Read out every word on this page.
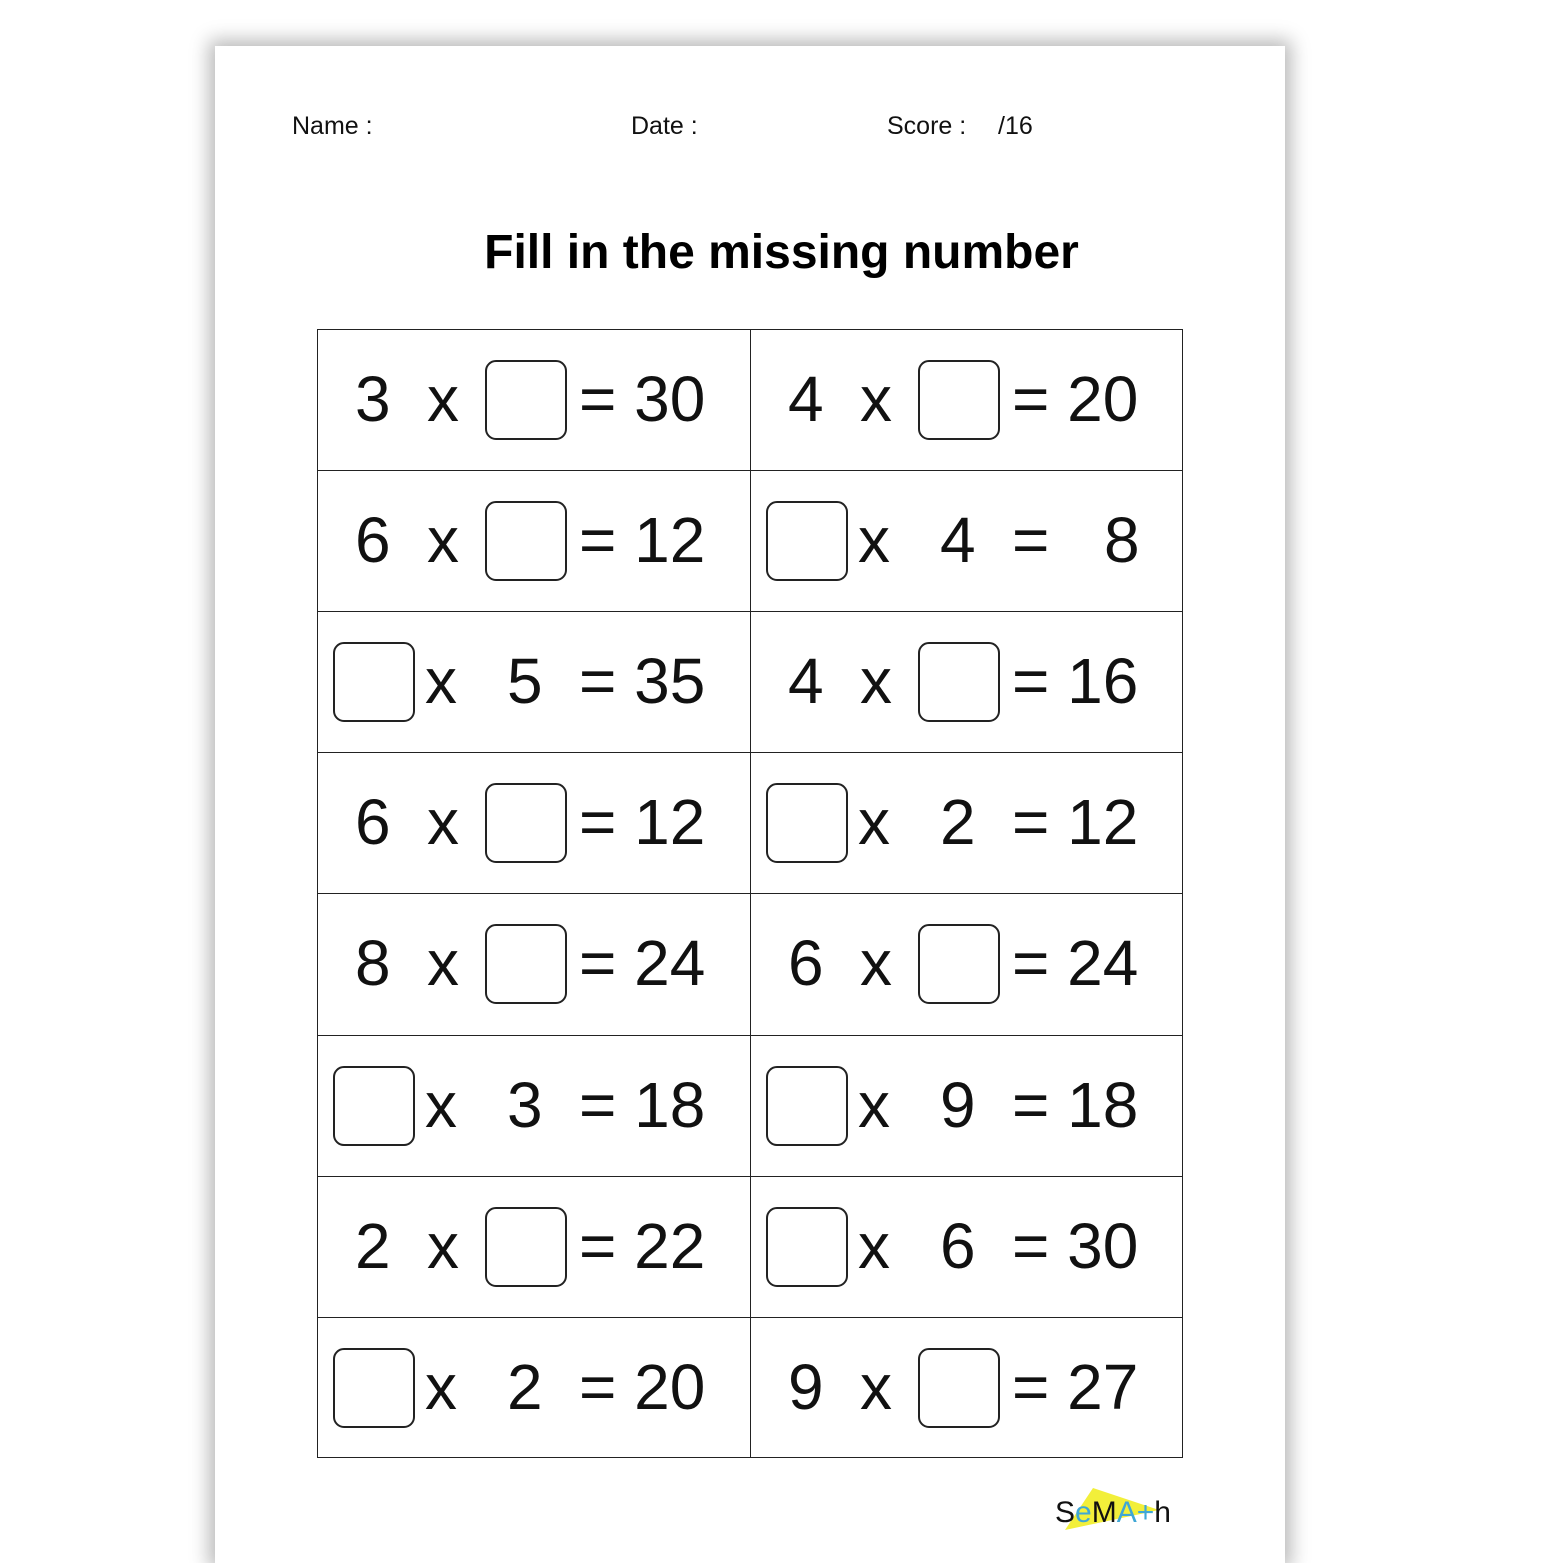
Name :	Date :	Score : /16
Fill in the missing number
3 x = 30 4 x = 20
6 x = 12 x 4 = 8
x 5 = 35 4 x = 16
6 x = 12 x 2 = 12
8 x = 24 6 x = 24
x 3 = 18 x 9 = 18
2 x = 22 x 6 = 30
x 2 = 20 9 x = 27
SeMA+h
